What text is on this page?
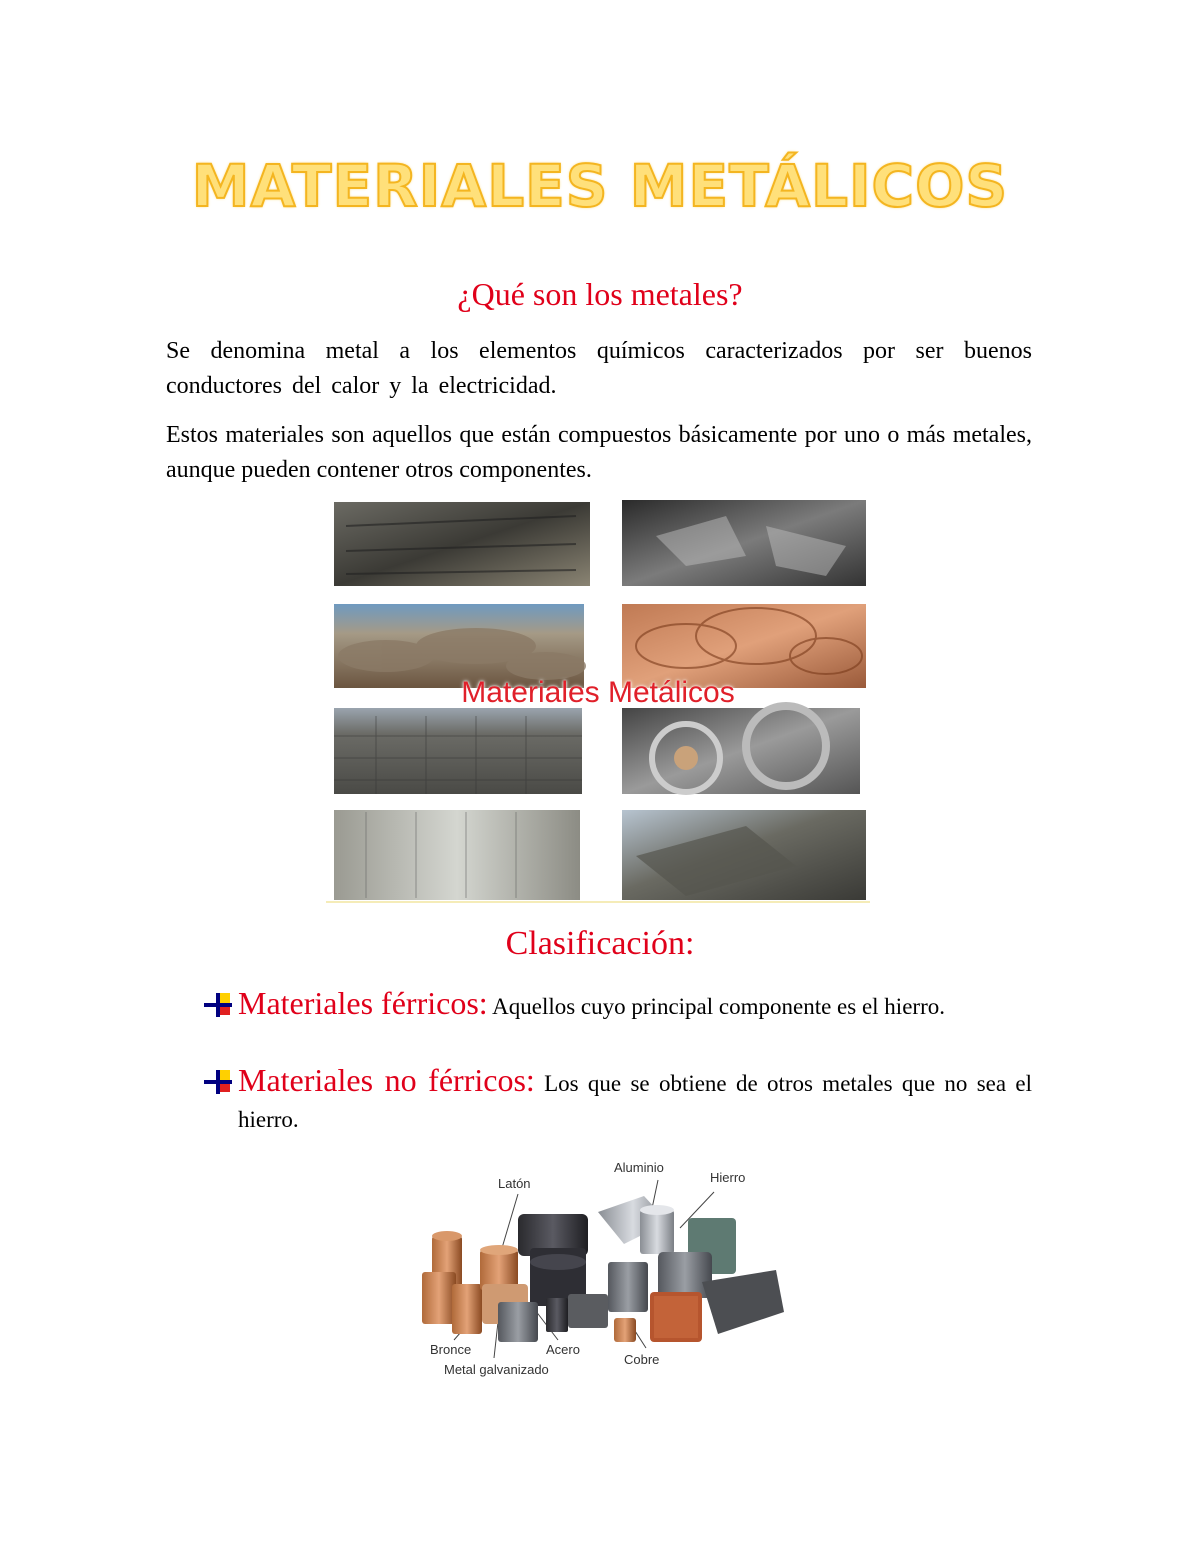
MATERIALES METÁLICOS
¿Qué son los metales?
Se denomina metal a los elementos químicos caracterizados por ser buenos conductores del calor y la electricidad.
Estos materiales son aquellos que están compuestos básicamente por uno o más metales, aunque pueden contener otros componentes.
Materiales Metálicos
Clasificación:
Materiales férricos: Aquellos cuyo principal componente es el hierro.
Materiales no férricos: Los que se obtiene de otros metales que no sea el hierro.
Latón
Aluminio
Hierro
Bronce	Acero
Metal galvanizado
Cobre
